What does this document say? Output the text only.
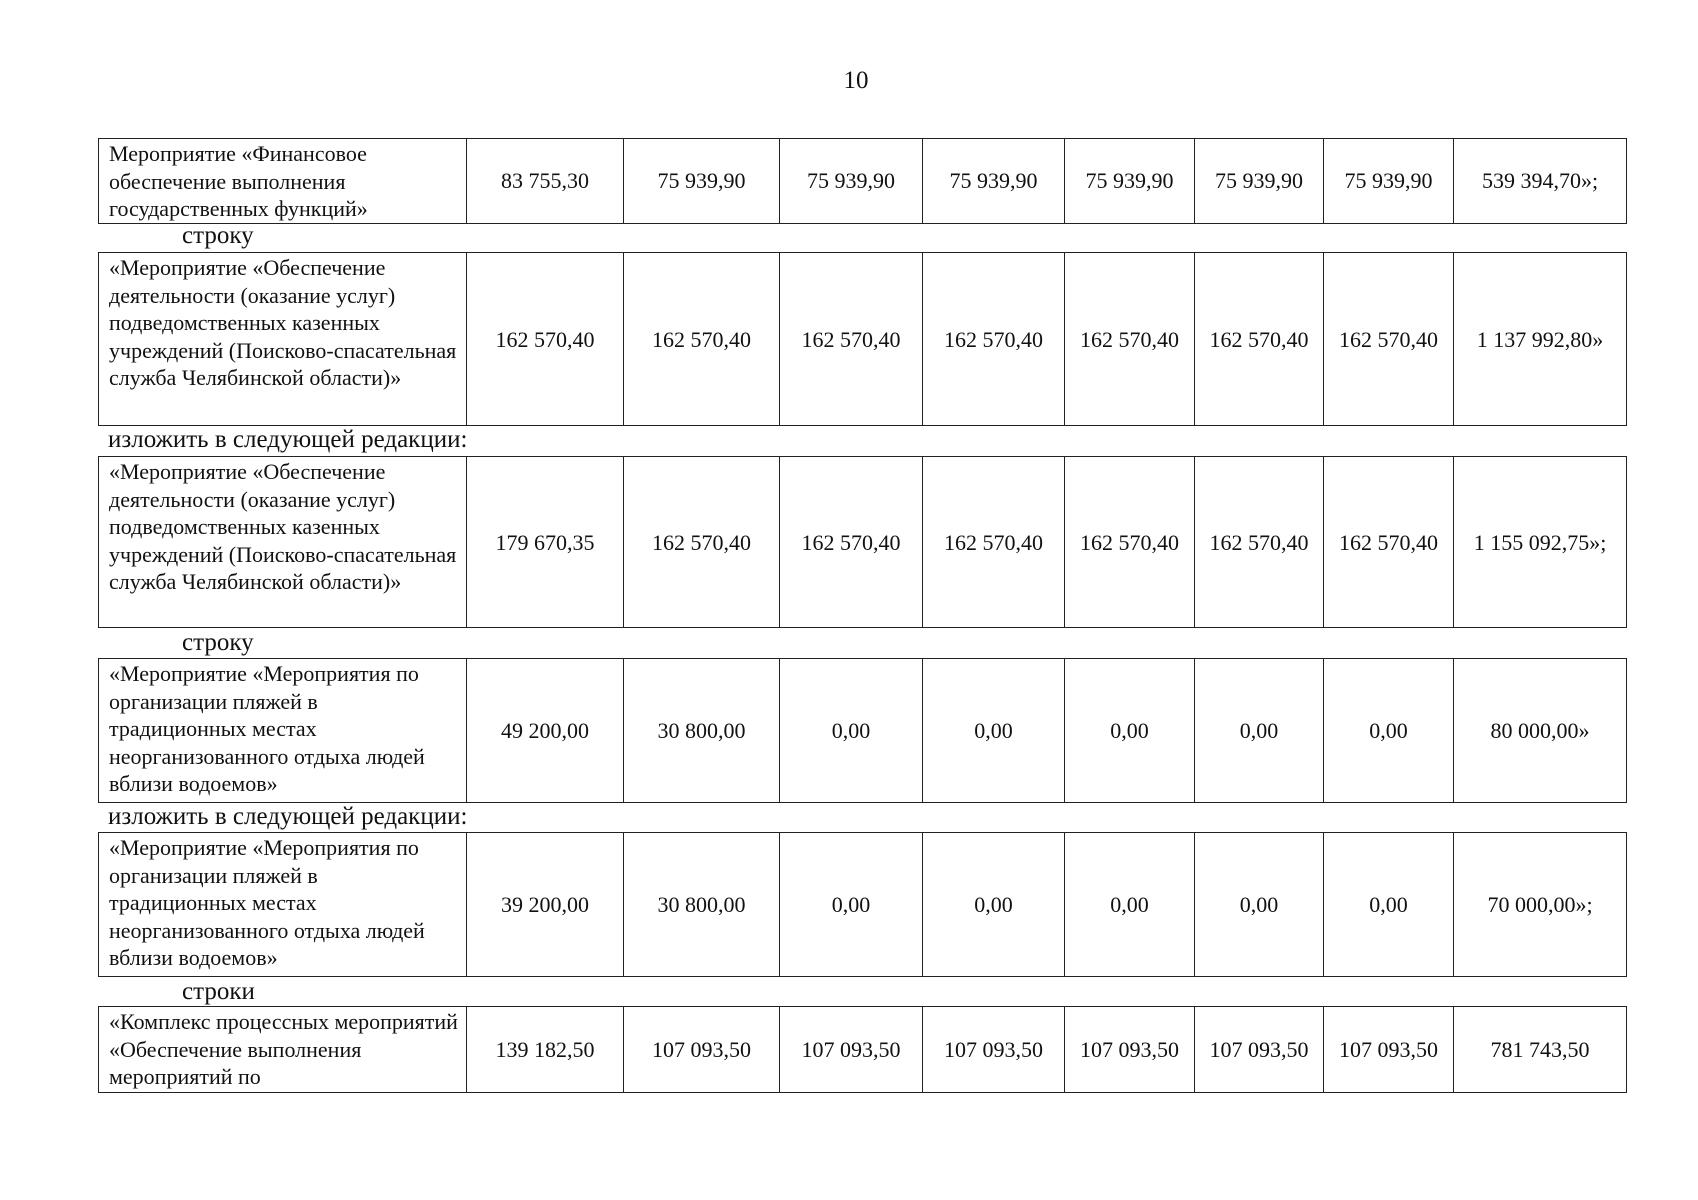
10
Мероприятие «Финансовое обеспечение выполнения государственных функций»	83 755,30	75 939,90	75 939,90	75 939,90	75 939,90	75 939,90	75 939,90	539 394,70»;
строку
«Мероприятие «Обеспечение деятельности (оказание услуг) подведомственных казенных учреждений (Поисково-спасательная служба Челябинской области)»	162 570,40	162 570,40	162 570,40	162 570,40	162 570,40	162 570,40	162 570,40	1 137 992,80»
изложить в следующей редакции:
«Мероприятие «Обеспечение деятельности (оказание услуг) подведомственных казенных учреждений (Поисково-спасательная служба Челябинской области)»	179 670,35	162 570,40	162 570,40	162 570,40	162 570,40	162 570,40	162 570,40	1 155 092,75»;
строку
«Мероприятие «Мероприятия по организации пляжей в традиционных местах неорганизованного отдыха людей вблизи водоемов»	49 200,00	30 800,00	0,00	0,00	0,00	0,00	0,00	80 000,00»
изложить в следующей редакции:
«Мероприятие «Мероприятия по организации пляжей в традиционных местах неорганизованного отдыха людей вблизи водоемов»	39 200,00	30 800,00	0,00	0,00	0,00	0,00	0,00	70 000,00»;
строки
«Комплекс процессных мероприятий «Обеспечение выполнения мероприятий по	139 182,50	107 093,50	107 093,50	107 093,50	107 093,50	107 093,50	107 093,50	781 743,50
